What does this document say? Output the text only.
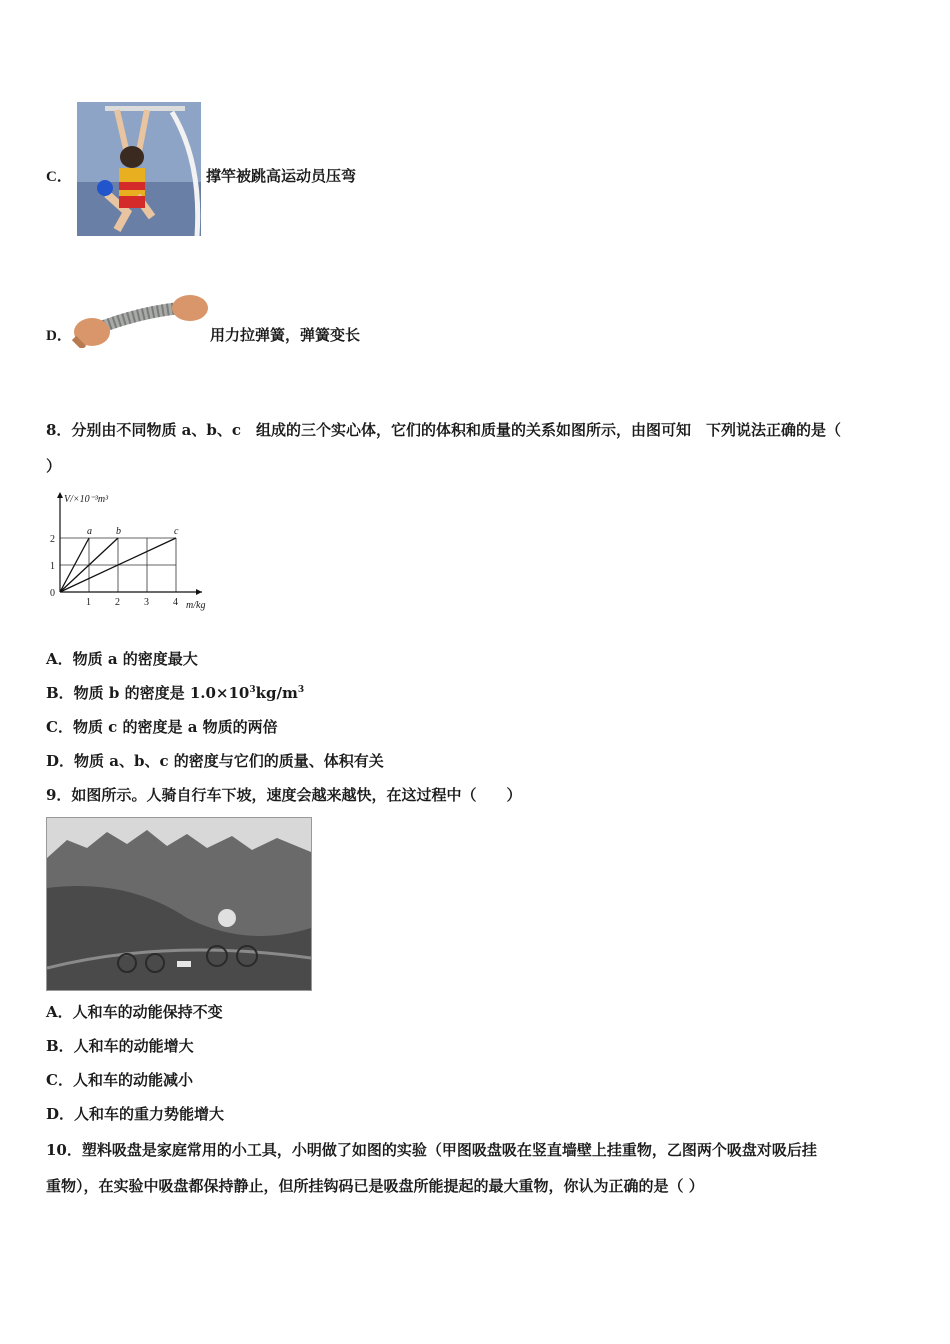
C．	撑竿被跳高运动员压弯
D．	用力拉弹簧，弹簧变长
8．分别由不同物质 a、b、c　组成的三个实心体，它们的体积和质量的关系如图所示，由图可知　下列说法正确的是（
）
a b	c
1 2 3 4
1
2
0
V/×10⁻³m³
m/kg
A．物质 a 的密度最大
B．物质 b 的密度是 $1.0\times 10^3kg/m^3$
C．物质 c 的密度是 a 物质的两倍
D．物质 a、b、c 的密度与它们的质量、体积有关
9．如图所示。人骑自行车下坡，速度会越来越快，在这过程中（　　）
A．人和车的动能保持不变
B．人和车的动能增大
C．人和车的动能减小
D．人和车的重力势能增大
10．塑料吸盘是家庭常用的小工具，小明做了如图的实验（甲图吸盘吸在竖直墙壁上挂重物，乙图两个吸盘对吸后挂
重物），在实验中吸盘都保持静止，但所挂钩码已是吸盘所能提起的最大重物，你认为正确的是（ ）
